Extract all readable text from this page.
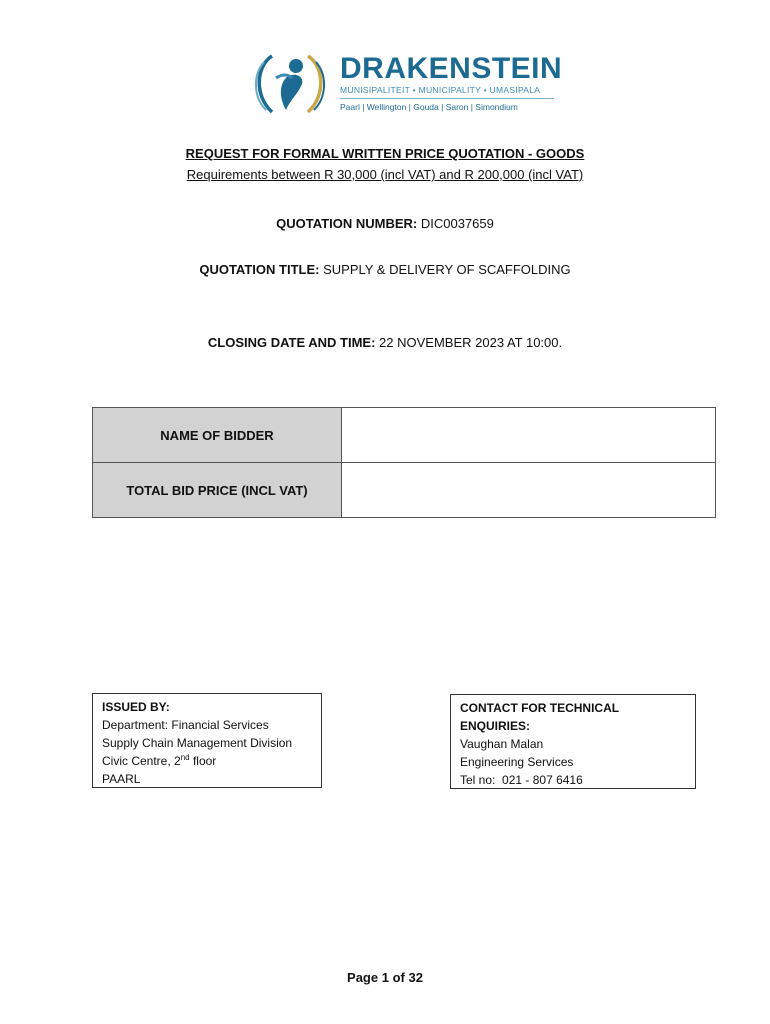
DRAKENSTEIN
MUNISIPALITEIT • MUNICIPALITY • UMASIPALA
Paarl | Wellington | Gouda | Saron | Simondium
REQUEST FOR FORMAL WRITTEN PRICE QUOTATION - GOODS
Requirements between R 30,000 (incl VAT) and R 200,000 (incl VAT)
QUOTATION NUMBER: DIC0037659
QUOTATION TITLE: SUPPLY & DELIVERY OF SCAFFOLDING
CLOSING DATE AND TIME: 22 NOVEMBER 2023 AT 10:00.
NAME OF BIDDER	
TOTAL BID PRICE (INCL VAT)	
ISSUED BY:
Department: Financial Services
Supply Chain Management Division
Civic Centre, 2nd floor
PAARL
CONTACT FOR TECHNICAL ENQUIRIES:
Vaughan Malan
Engineering Services
Tel no: 021 - 807 6416
Page 1 of 32
